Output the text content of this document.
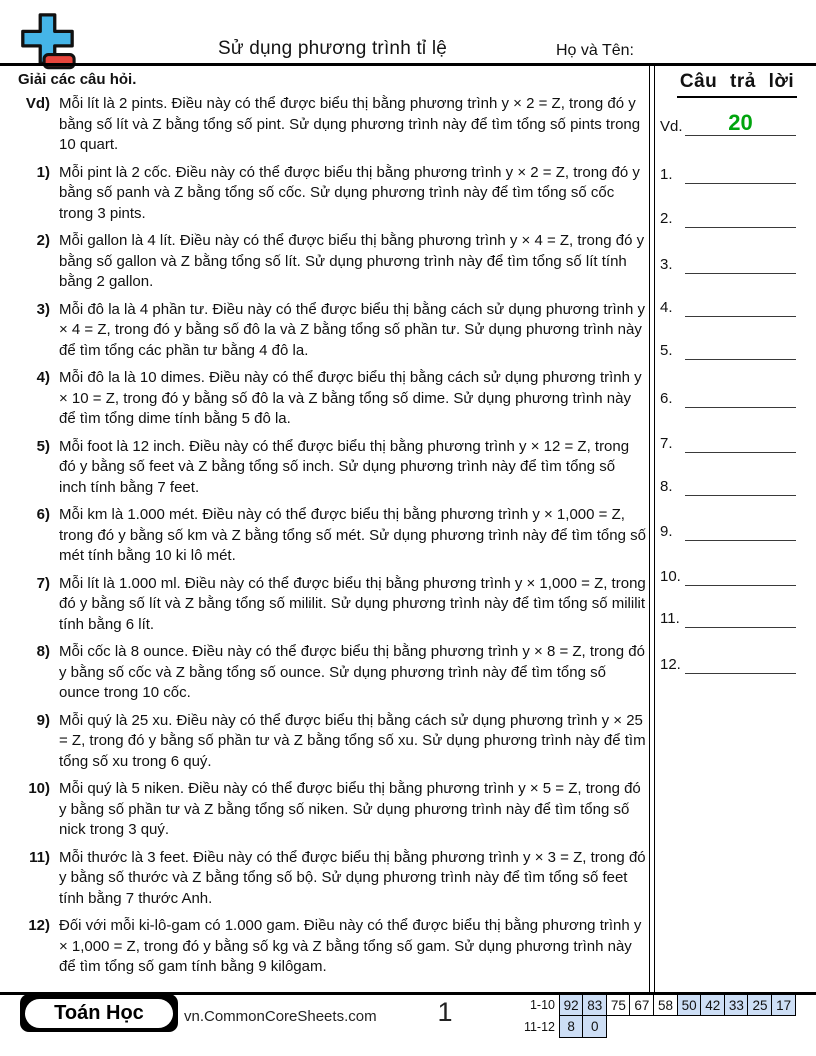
Sử dụng phương trình tỉ lệ	Họ và Tên:
Giải các câu hỏi.
Vd) Mỗi lít là 2 pints. Điều này có thể được biểu thị bằng phương trình y × 2 = Z, trong đó y bằng số lít và Z bằng tổng số pint. Sử dụng phương trình này để tìm tổng số pints trong 10 quart.
1) Mỗi pint là 2 cốc. Điều này có thể được biểu thị bằng phương trình y × 2 = Z, trong đó y bằng số panh và Z bằng tổng số cốc. Sử dụng phương trình này để tìm tổng số cốc trong 3 pints.
2) Mỗi gallon là 4 lít. Điều này có thể được biểu thị bằng phương trình y × 4 = Z, trong đó y bằng số gallon và Z bằng tổng số lít. Sử dụng phương trình này để tìm tổng số lít tính bằng 2 gallon.
3) Mỗi đô la là 4 phần tư. Điều này có thể được biểu thị bằng cách sử dụng phương trình y × 4 = Z, trong đó y bằng số đô la và Z bằng tổng số phần tư. Sử dụng phương trình này để tìm tổng các phần tư bằng 4 đô la.
4) Mỗi đô la là 10 dimes. Điều này có thể được biểu thị bằng cách sử dụng phương trình y × 10 = Z, trong đó y bằng số đô la và Z bằng tổng số dime. Sử dụng phương trình này để tìm tổng dime tính bằng 5 đô la.
5) Mỗi foot là 12 inch. Điều này có thể được biểu thị bằng phương trình y × 12 = Z, trong đó y bằng số feet và Z bằng tổng số inch. Sử dụng phương trình này để tìm tổng số inch tính bằng 7 feet.
6) Mỗi km là 1.000 mét. Điều này có thể được biểu thị bằng phương trình y × 1,000 = Z, trong đó y bằng số km và Z bằng tổng số mét. Sử dụng phương trình này để tìm tổng số mét tính bằng 10 ki lô mét.
7) Mỗi lít là 1.000 ml. Điều này có thể được biểu thị bằng phương trình y × 1,000 = Z, trong đó y bằng số lít và Z bằng tổng số mililit. Sử dụng phương trình này để tìm tổng số mililit tính bằng 6 lít.
8) Mỗi cốc là 8 ounce. Điều này có thể được biểu thị bằng phương trình y × 8 = Z, trong đó y bằng số cốc và Z bằng tổng số ounce. Sử dụng phương trình này để tìm tổng số ounce trong 10 cốc.
9) Mỗi quý là 25 xu. Điều này có thể được biểu thị bằng cách sử dụng phương trình y × 25 = Z, trong đó y bằng số phần tư và Z bằng tổng số xu. Sử dụng phương trình này để tìm tổng số xu trong 6 quý.
10) Mỗi quý là 5 niken. Điều này có thể được biểu thị bằng phương trình y × 5 = Z, trong đó y bằng số phần tư và Z bằng tổng số niken. Sử dụng phương trình này để tìm tổng số nick trong 3 quý.
11) Mỗi thước là 3 feet. Điều này có thể được biểu thị bằng phương trình y × 3 = Z, trong đó y bằng số thước và Z bằng tổng số bộ. Sử dụng phương trình này để tìm tổng số feet tính bằng 7 thước Anh.
12) Đối với mỗi ki-lô-gam có 1.000 gam. Điều này có thể được biểu thị bằng phương trình y × 1,000 = Z, trong đó y bằng số kg và Z bằng tổng số gam. Sử dụng phương trình này để tìm tổng số gam tính bằng 9 kilôgam.
Câu trả lời
Vd. 20
1.
2.
3.
4.
5.
6.
7.
8.
9.
10.
11.
12.
Toán Học	vn.CommonCoreSheets.com	1	1-10 92 83 75 67 58 50 42 33 25 17
11-12 8	0
